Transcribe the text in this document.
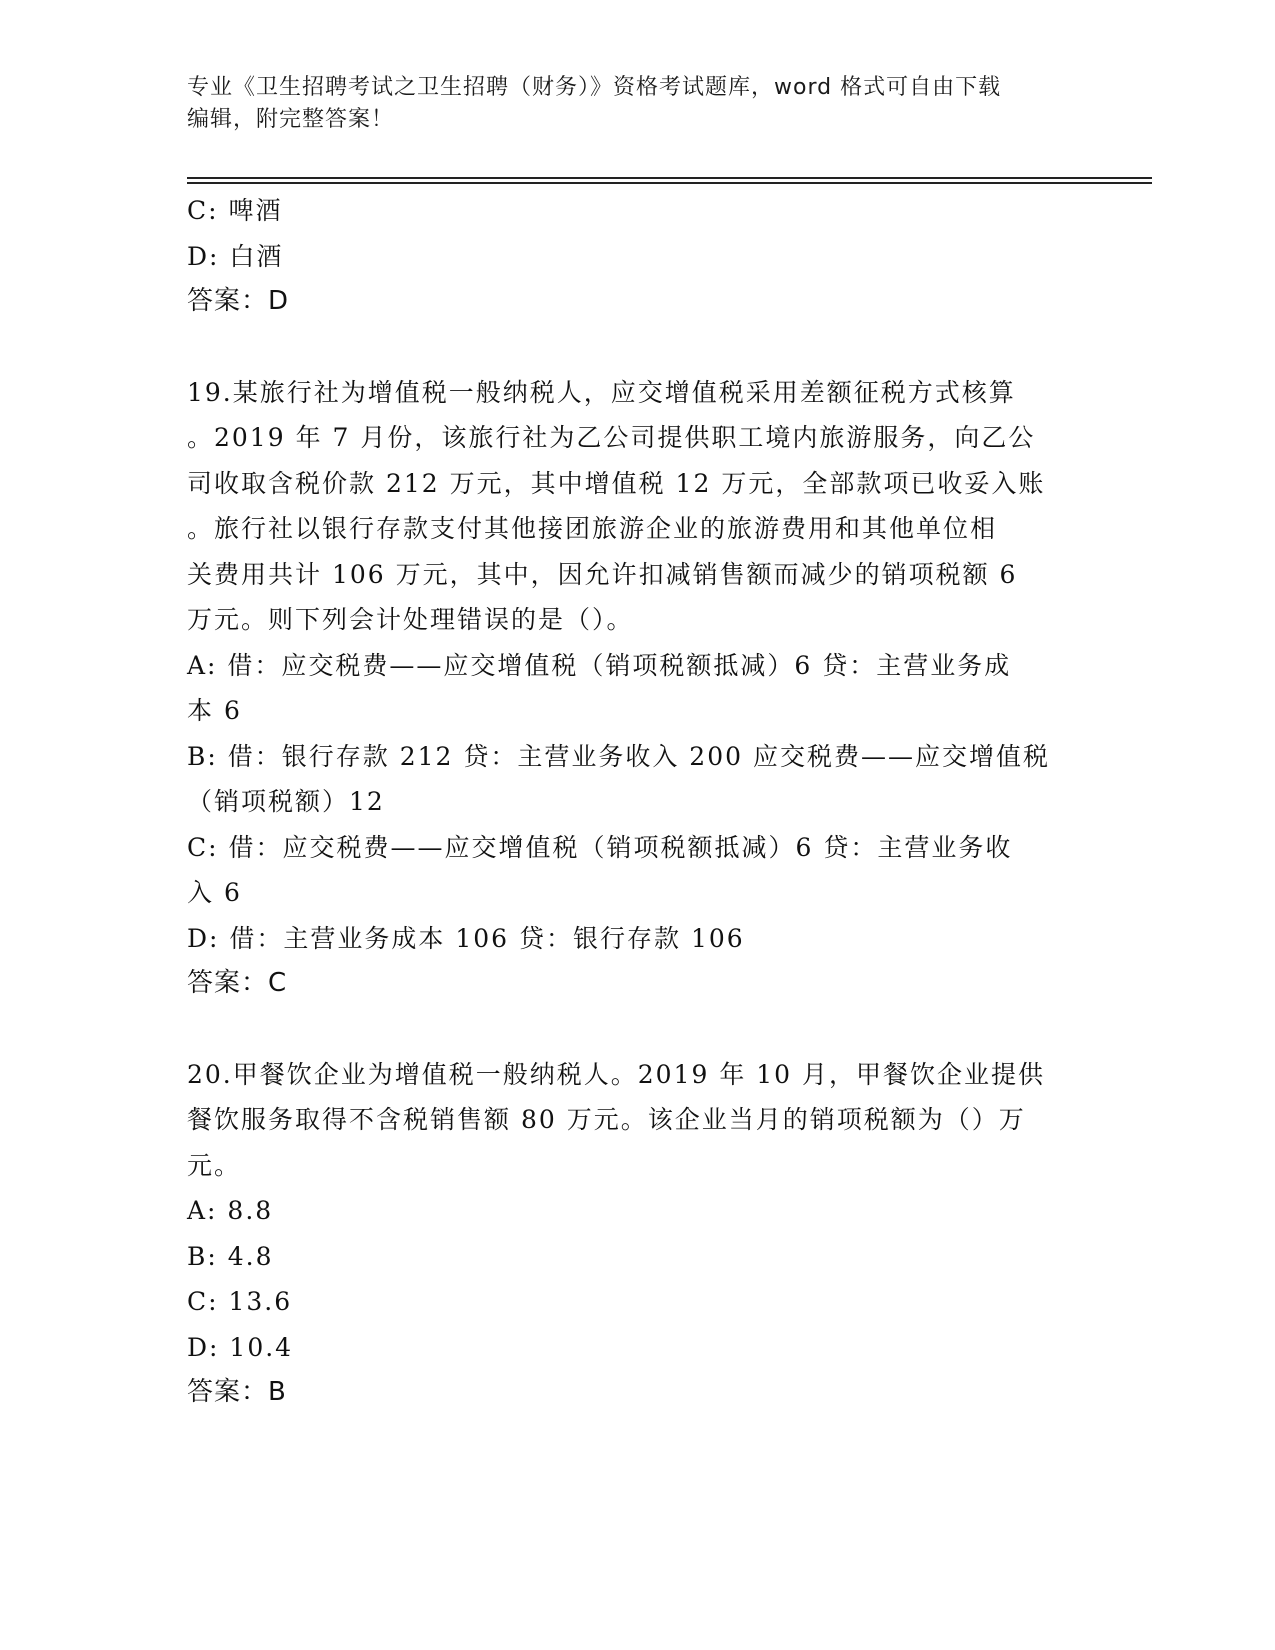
专业《卫生招聘考试之卫生招聘（财务）》资格考试题库，word 格式可自由下载
编辑，附完整答案！
C: 啤酒
D: 白酒
答案：D
19.某旅行社为增值税一般纳税人，应交增值税采用差额征税方式核算
。2019 年 7 月份，该旅行社为乙公司提供职工境内旅游服务，向乙公
司收取含税价款 212 万元，其中增值税 12 万元，全部款项已收妥入账
。旅行社以银行存款支付其他接团旅游企业的旅游费用和其他单位相
关费用共计 106 万元，其中，因允许扣减销售额而减少的销项税额 6
万元。则下列会计处理错误的是（）。
A: 借：应交税费——应交增值税（销项税额抵减）6 贷：主营业务成
本 6
B: 借：银行存款 212 贷：主营业务收入 200 应交税费——应交增值税
（销项税额）12
C: 借：应交税费——应交增值税（销项税额抵减）6 贷：主营业务收
入 6
D: 借：主营业务成本 106 贷：银行存款 106
答案：C
20.甲餐饮企业为增值税一般纳税人。2019 年 10 月，甲餐饮企业提供
餐饮服务取得不含税销售额 80 万元。该企业当月的销项税额为（）万
元。
A: 8.8
B: 4.8
C: 13.6
D: 10.4
答案：B
